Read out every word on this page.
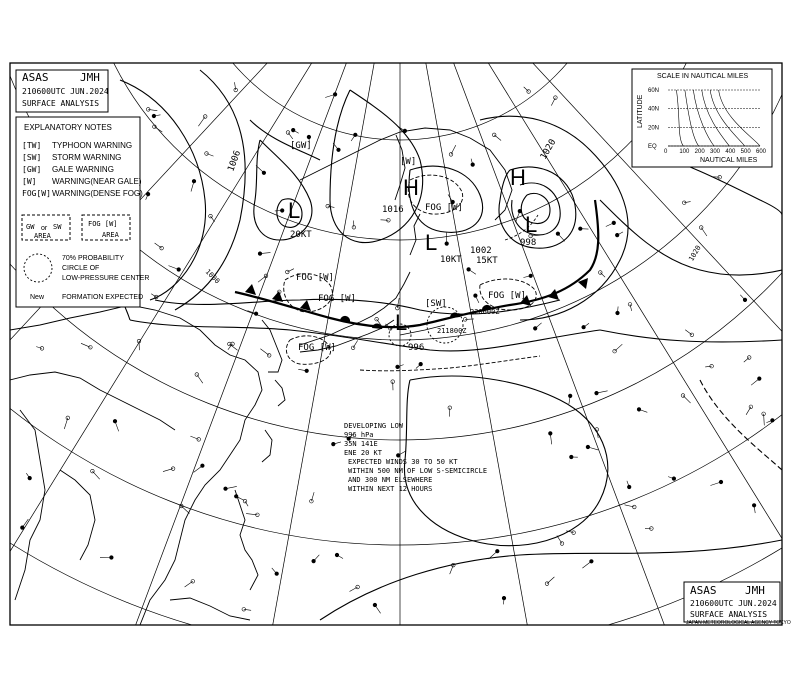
H
1016
H
1020
L
998
L
996
L	1002
L
1006
FOG [W]
FOG [W]
FOG [W]
FOG [W]
FOG [W]
[SW]
[W]
[GW]
15KT
20KT
10KT
1000
1020
220600Z
211800Z
DEVELOPING LOW
996 hPa
35N 141E
ENE 20 KT
EXPECTED WINDS 30 TO 50 KT
WITHIN 500 NM OF LOW S-SEMICIRCLE
AND 300 NM ELSEWHERE
WITHIN NEXT 12 HOURS
ASAS	JMH
210600UTC JUN.2024
SURFACE ANALYSIS
EXPLANATORY NOTES
[TW] TYPHOON WARNING
[SW] STORM WARNING
[GW] GALE WARNING
[W] WARNING(NEAR GALE)
FOG[W] WARNING(DENSE FOG)
GW or SW
AREA
FOG [W]
AREA
70% PROBABILITY
CIRCLE OF
LOW-PRESSURE CENTER
New	FORMATION EXPECTED
SCALE IN NAUTICAL MILES
LATITUDE
60N
40N
20N
EQ
0 100 200 300 400 500 600
NAUTICAL MILES
ASAS	JMH
210600UTC JUN.2024
SURFACE ANALYSIS
JAPAN METEOROLOGICAL AGENCY TOKYO
